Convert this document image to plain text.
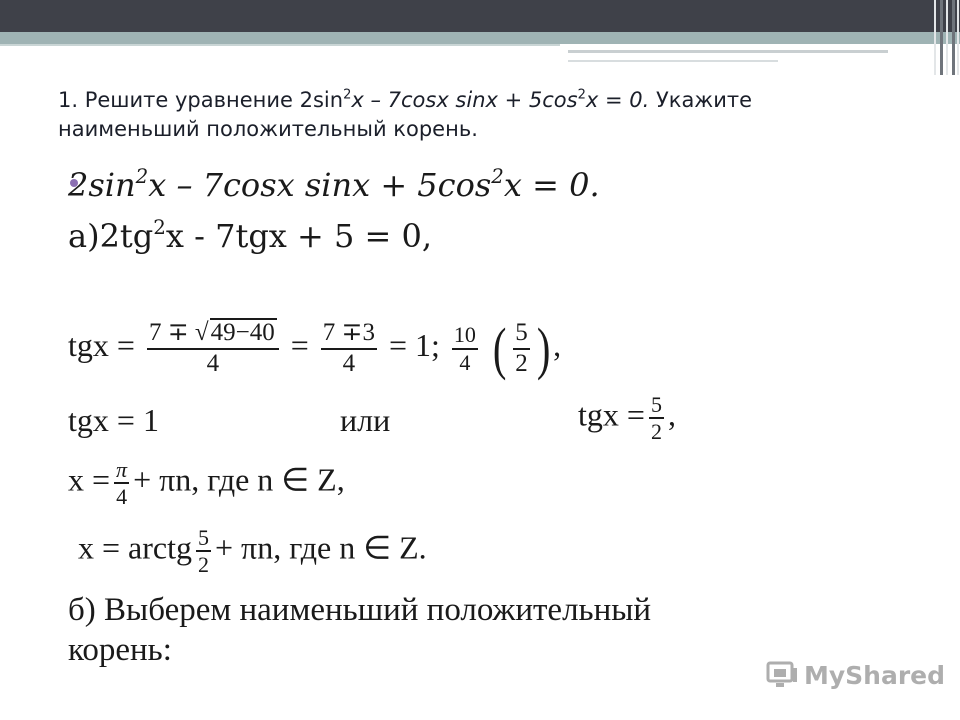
1. Решите уравнение $2\sin^2x - 7\cos x$ $\sin x + 5\cos^2x = 0$. Укажите
наименьший положительный корень.
$2\sin^2x - 7\cos x$ $\sin x + 5\cos^2x = 0$.
$а)2tg^2x - 7tgx + 5 = 0$,
tgx = $\frac{7 \mp √49-40}{4} = \frac{7 \mp 3}{4} = 1$; $\frac{10}{4}$ ( $\frac{5}{2}$ ),
tgx = 1	или	tgx = $\frac{5}{2}$ ,
$x = \frac{\pi}{4} + \pi n$, где n ∈ Z,
x = arctg $\frac{5}{2} + \pi n$, где n ∈ Z.
б) Выберем наименьший положительный
корень:
MyShared
